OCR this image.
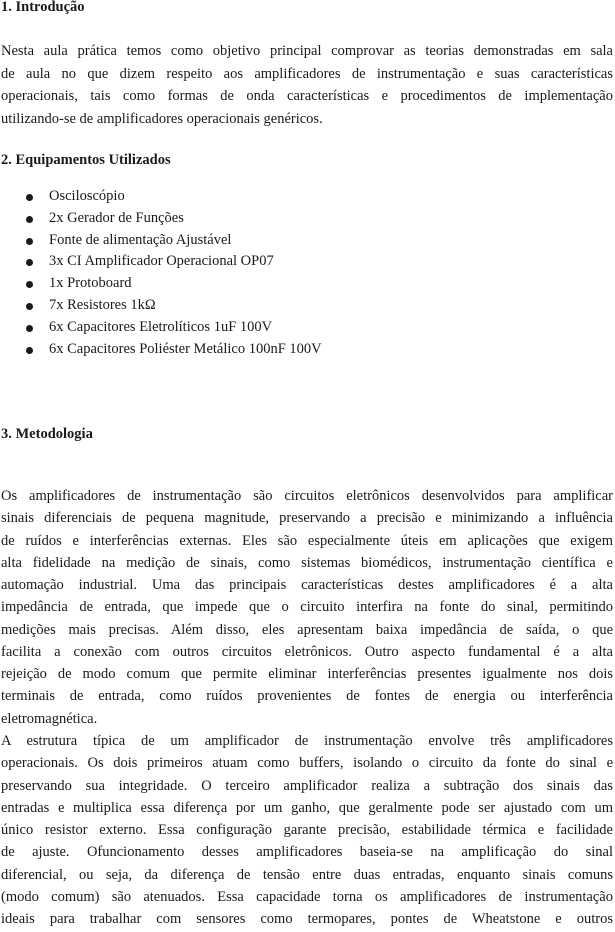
1. Introdução
Nesta aula prática temos como objetivo principal comprovar as teorias demonstradas em sala
de aula no que dizem respeito aos amplificadores de instrumentação e suas características
operacionais, tais como formas de onda características e procedimentos de implementação
utilizando-se de amplificadores operacionais genéricos.
2. Equipamentos Utilizados
Osciloscópio
2x Gerador de Funções
Fonte de alimentação Ajustável
3x CI Amplificador Operacional OP07
1x Protoboard
7x Resistores 1kΩ
6x Capacitores Eletrolíticos 1uF 100V
6x Capacitores Poliéster Metálico 100nF 100V
3. Metodologia
Os amplificadores de instrumentação são circuitos eletrônicos desenvolvidos para amplificar
sinais diferenciais de pequena magnitude, preservando a precisão e minimizando a influência
de ruídos e interferências externas. Eles são especialmente úteis em aplicações que exigem
alta fidelidade na medição de sinais, como sistemas biomédicos, instrumentação científica e
automação industrial. Uma das principais características destes amplificadores é a alta
impedância de entrada, que impede que o circuito interfira na fonte do sinal, permitindo
medições mais precisas. Além disso, eles apresentam baixa impedância de saída, o que
facilita a conexão com outros circuitos eletrônicos. Outro aspecto fundamental é a alta
rejeição de modo comum que permite eliminar interferências presentes igualmente nos dois
terminais de entrada, como ruídos provenientes de fontes de energia ou interferência
eletromagnética.
A estrutura típica de um amplificador de instrumentação envolve três amplificadores
operacionais. Os dois primeiros atuam como buffers, isolando o circuito da fonte do sinal e
preservando sua integridade. O terceiro amplificador realiza a subtração dos sinais das
entradas e multiplica essa diferença por um ganho, que geralmente pode ser ajustado com um
único resistor externo. Essa configuração garante precisão, estabilidade térmica e facilidade
de ajuste. Ofuncionamento desses amplificadores baseia-se na amplificação do sinal
diferencial, ou seja, da diferença de tensão entre duas entradas, enquanto sinais comuns
(modo comum) são atenuados. Essa capacidade torna os amplificadores de instrumentação
ideais para trabalhar com sensores como termopares, pontes de Wheatstone e outros
